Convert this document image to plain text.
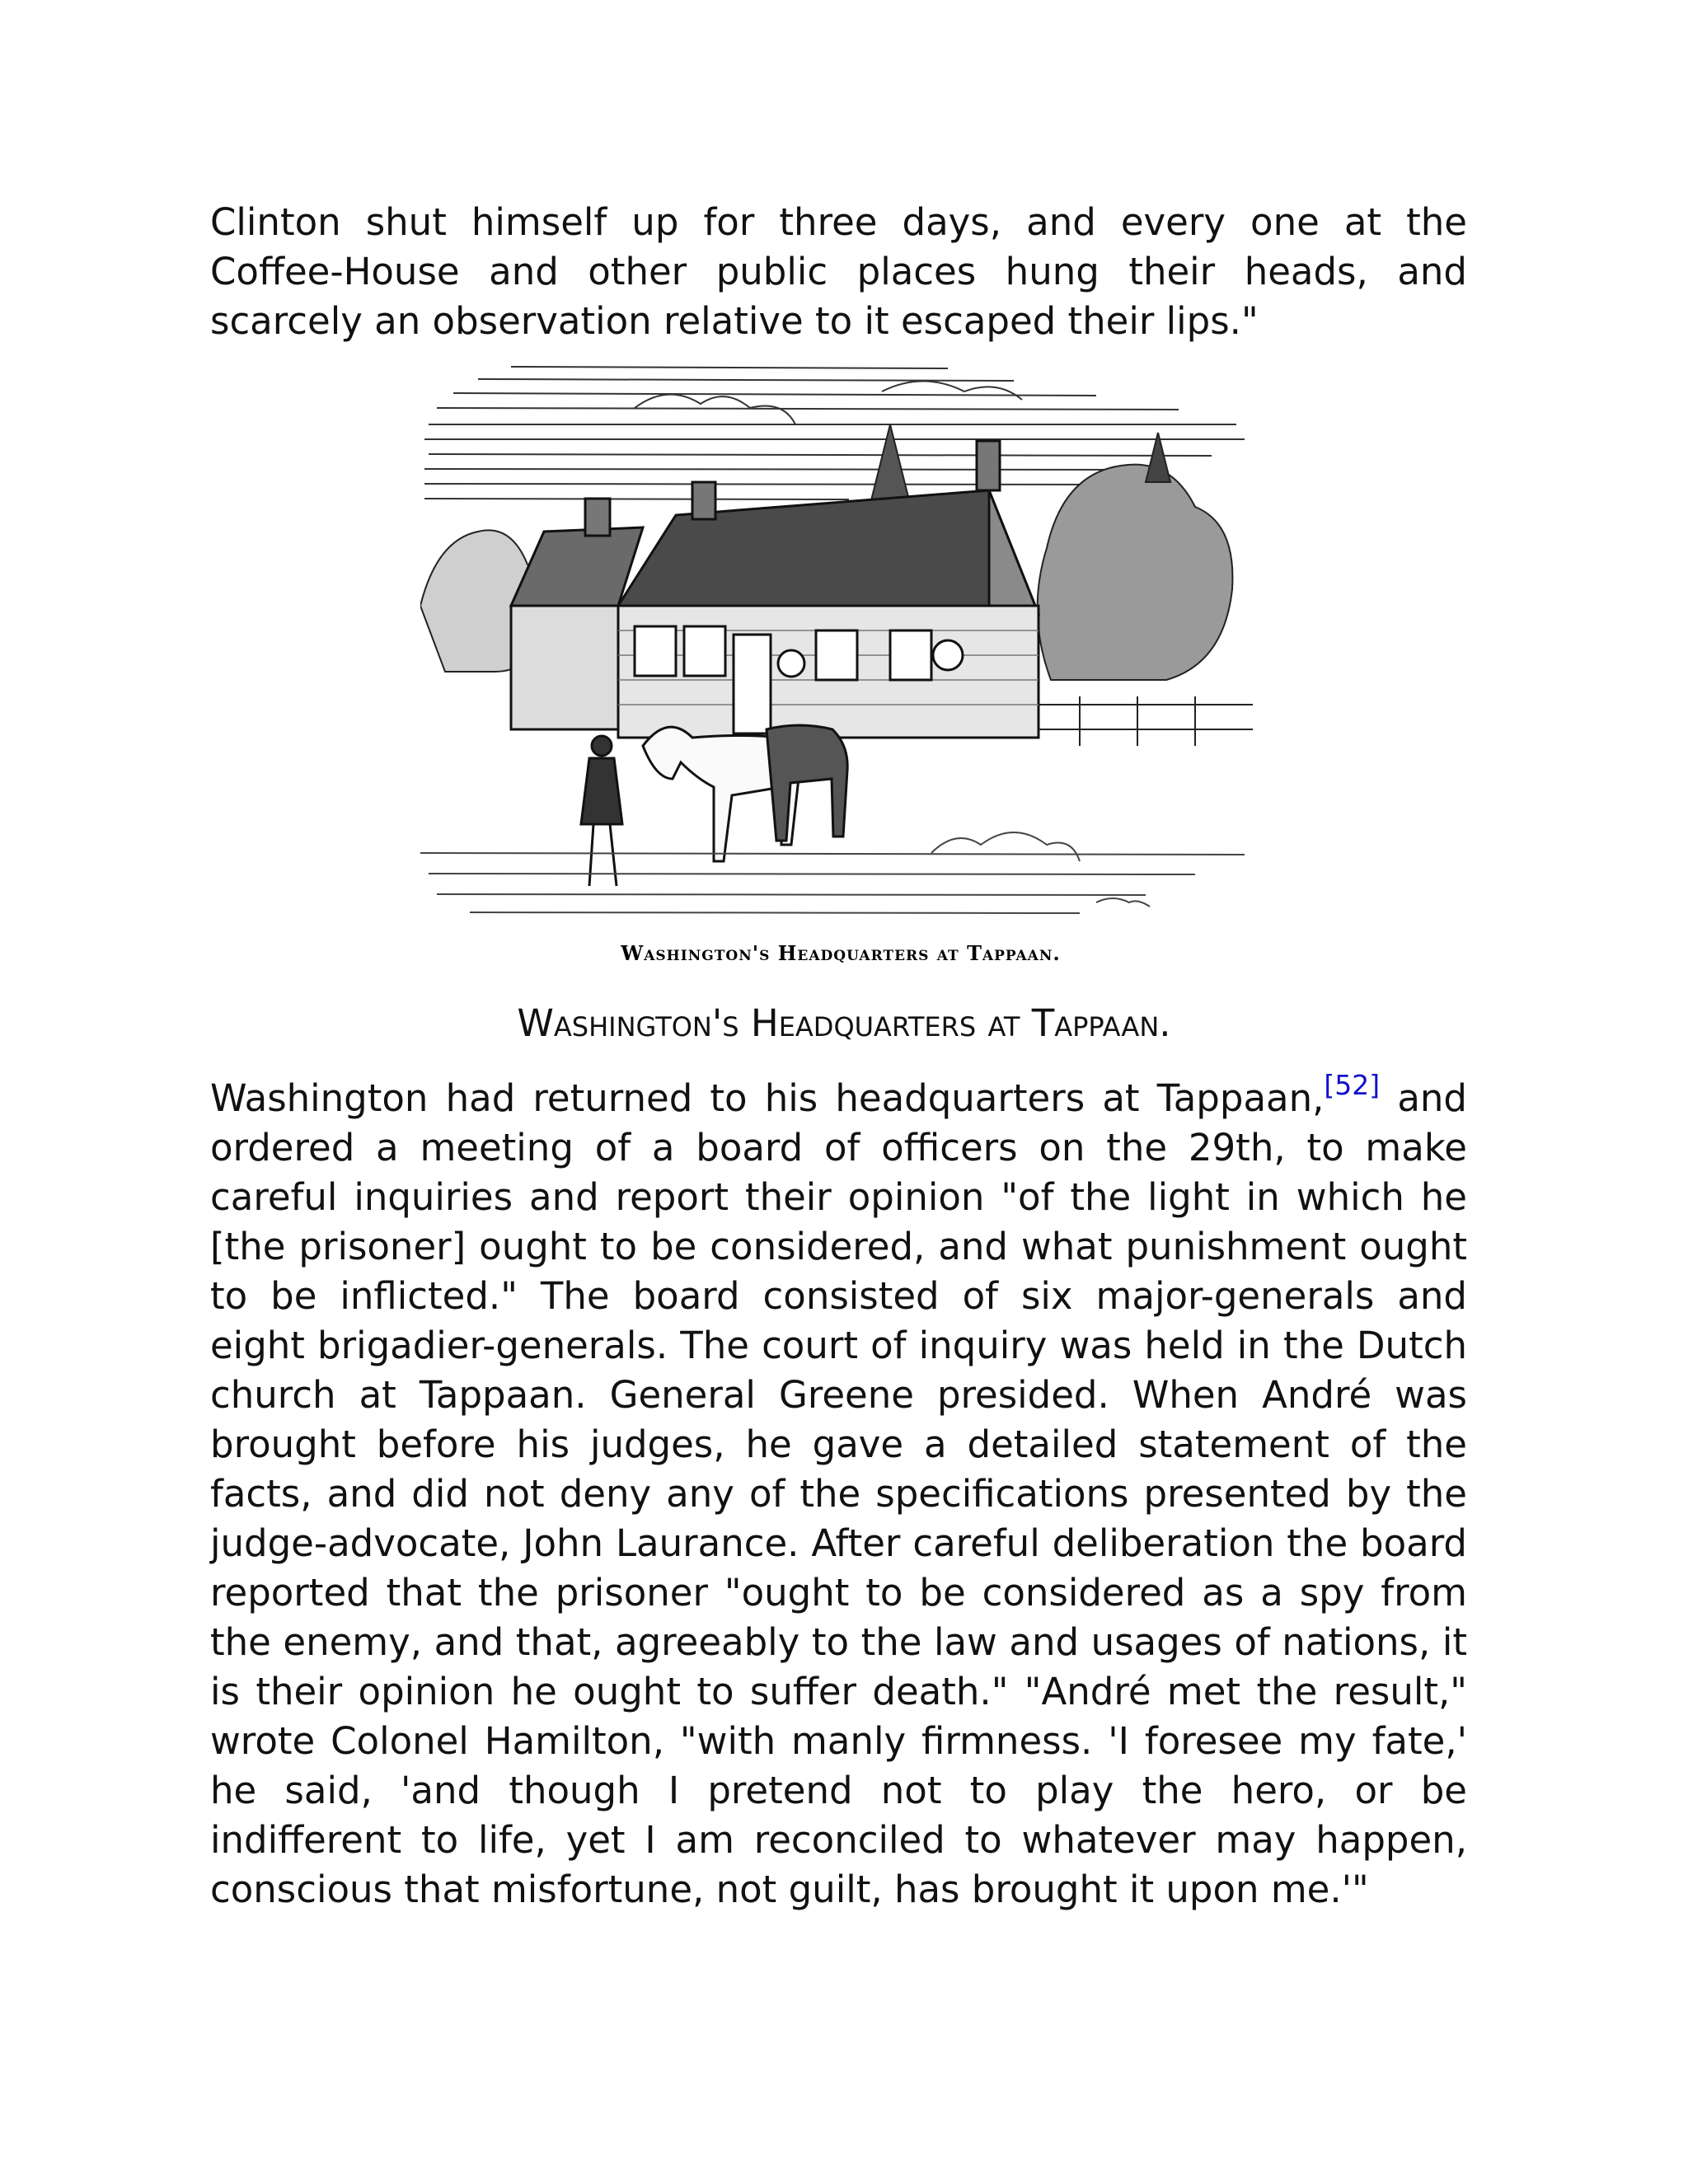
Clinton shut himself up for three days, and every one at the Coffee-House and other public places hung their heads, and scarcely an observation relative to it escaped their lips."

Washington's Headquarters at Tappaan.

Washington's Headquarters at Tappaan.

Washington had returned to his headquarters at Tappaan,[52] and ordered a meeting of a board of officers on the 29th, to make careful inquiries and report their opinion "of the light in which he [the prisoner] ought to be considered, and what punishment ought to be inflicted." The board consisted of six major-generals and eight brigadier-generals. The court of inquiry was held in the Dutch church at Tappaan. General Greene presided. When André was brought before his judges, he gave a detailed statement of the facts, and did not deny any of the specifications presented by the judge-advocate, John Laurance. After careful deliberation the board reported that the prisoner "ought to be considered as a spy from the enemy, and that, agreeably to the law and usages of nations, it is their opinion he ought to suffer death." "André met the result," wrote Colonel Hamilton, "with manly firmness. 'I foresee my fate,' he said, 'and though I pretend not to play the hero, or be indifferent to life, yet I am reconciled to whatever may happen, conscious that misfortune, not guilt, has brought it upon me.'"
